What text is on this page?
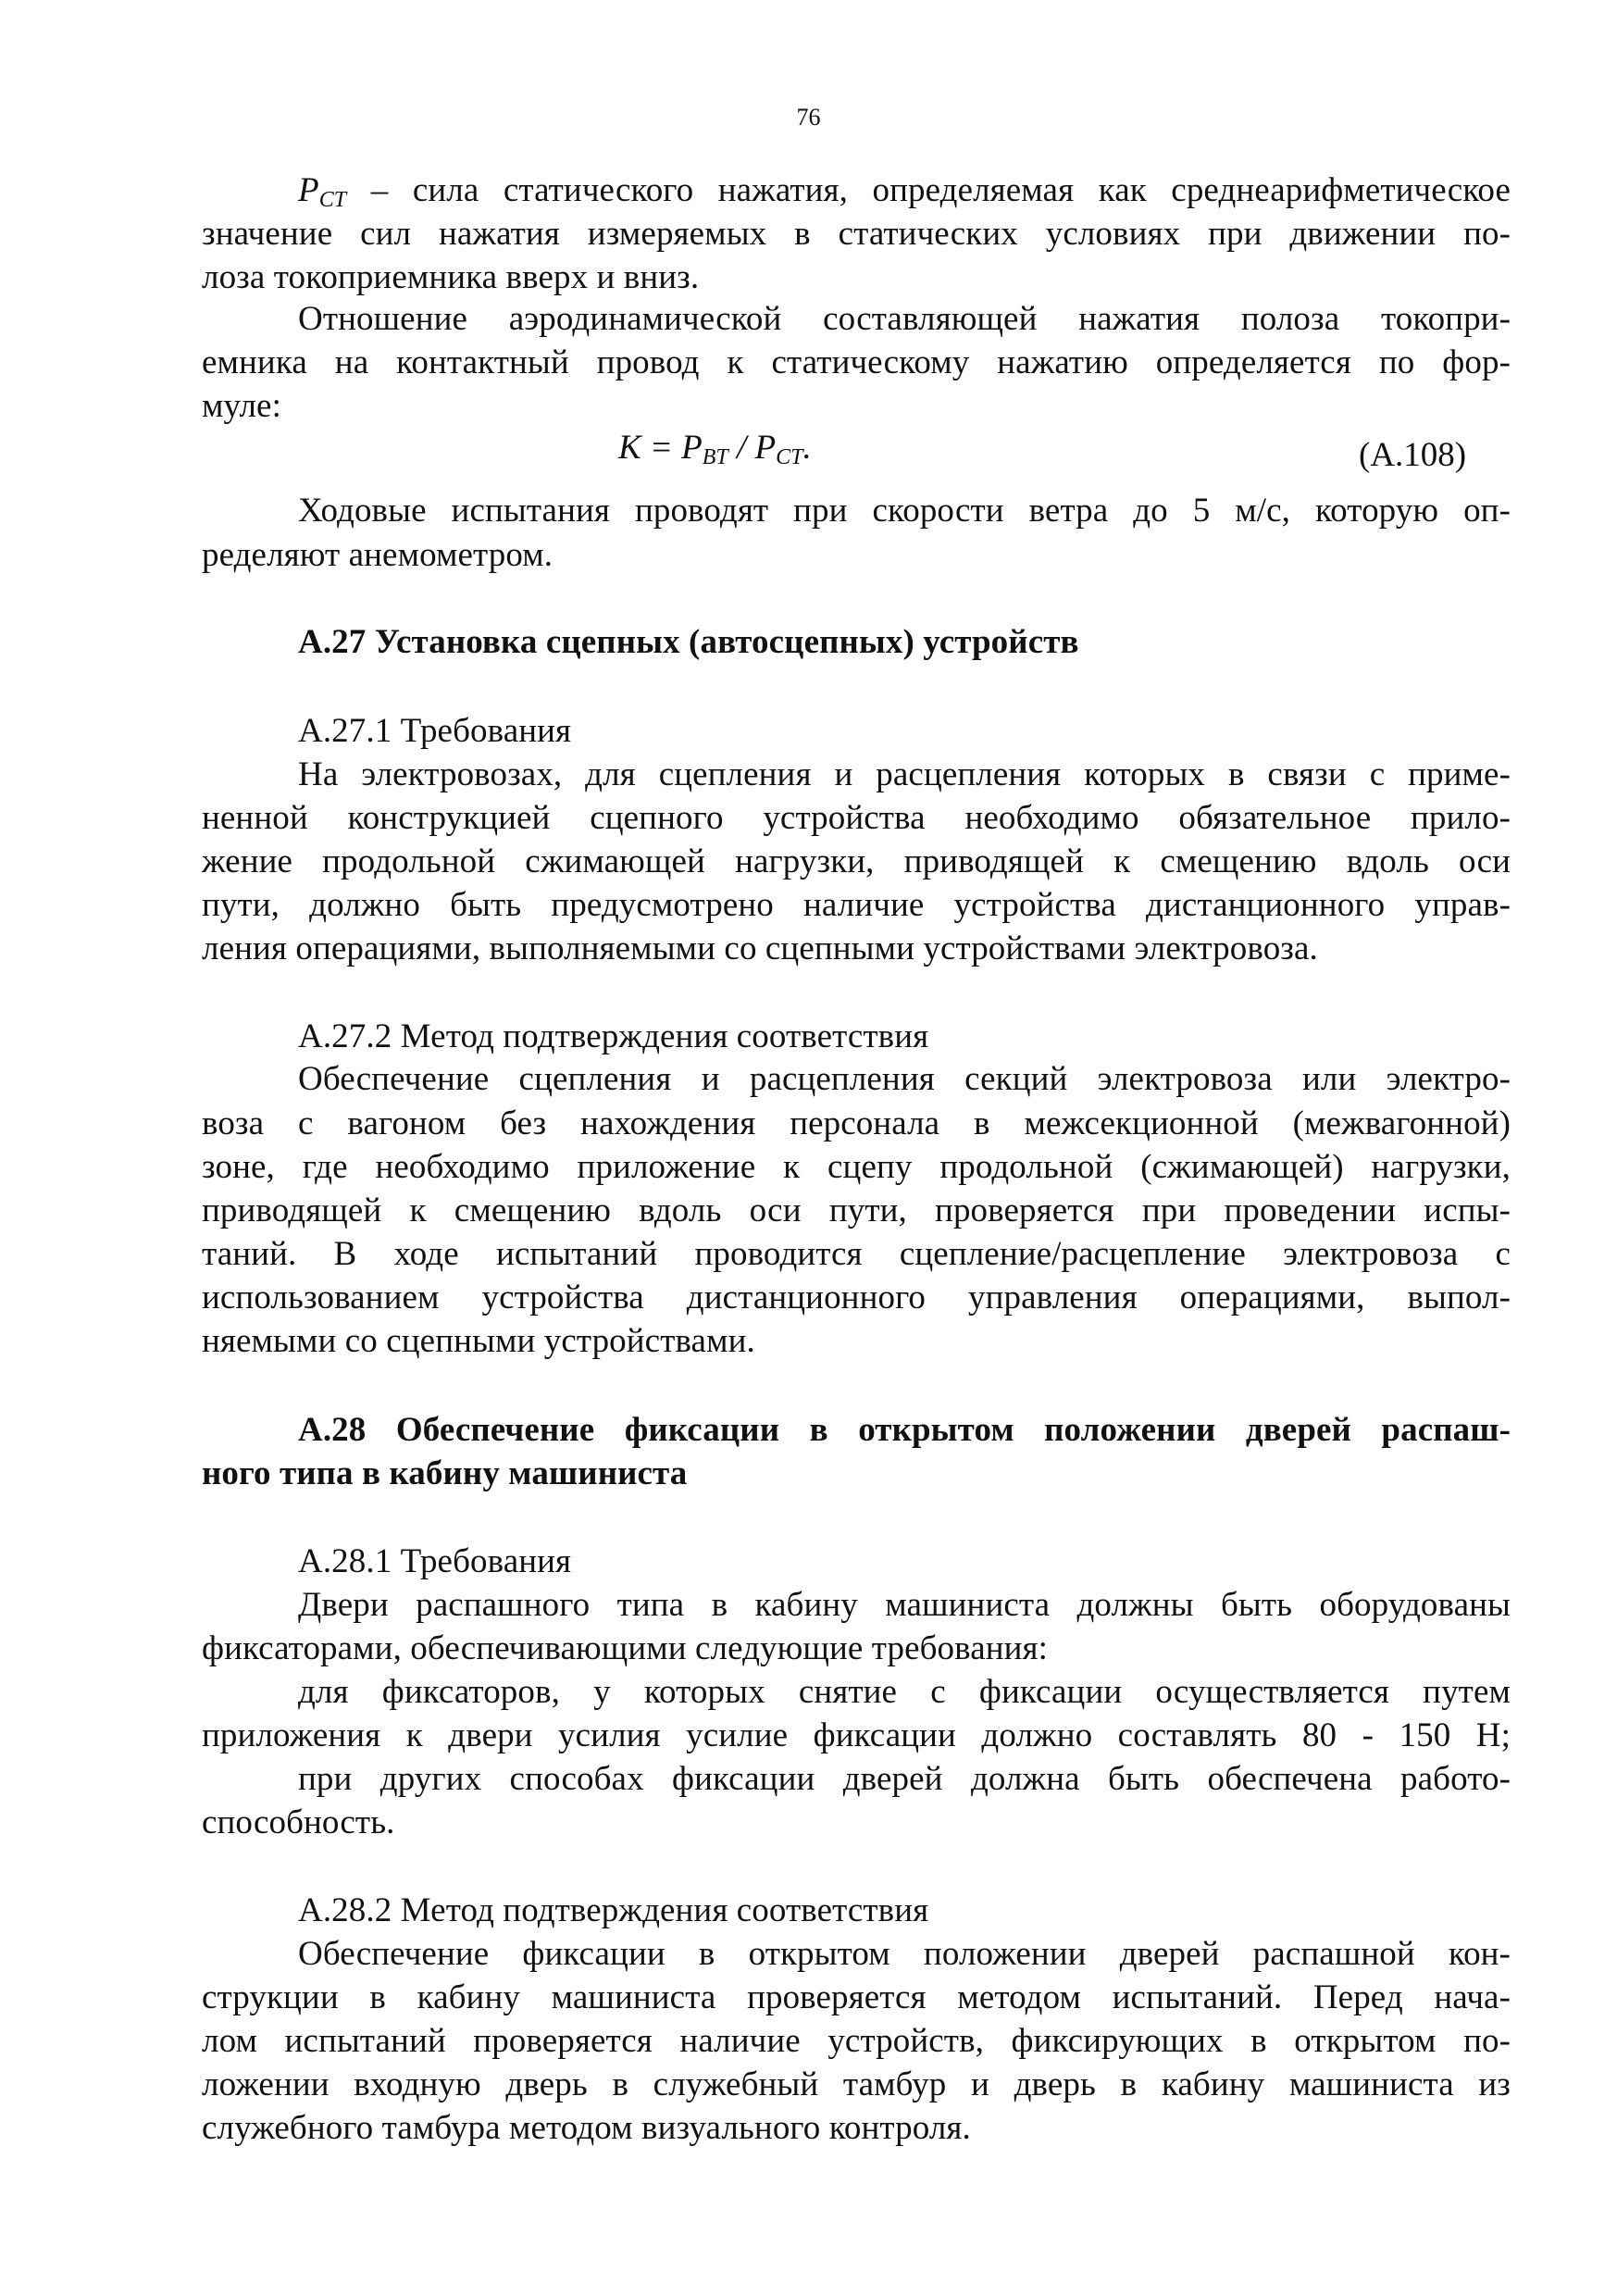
76
$P_{CT}$ – сила статического нажатия, определяемая как среднеарифметическое
значение сил нажатия измеряемых в статических условиях при движении по-
лоза токоприемника вверх и вниз.
Отношение аэродинамической составляющей нажатия полоза токопри-
емника на контактный провод к статическому нажатию определяется по фор-
муле:
$K = P_{BT} / P_{CT}$.	(А.108)
Ходовые испытания проводят при скорости ветра до 5 м/с, которую оп-
ределяют анемометром.
А.27 Установка сцепных (автосцепных) устройств
А.27.1 Требования
На электровозах, для сцепления и расцепления которых в связи с приме-
ненной конструкцией сцепного устройства необходимо обязательное прило-
жение продольной сжимающей нагрузки, приводящей к смещению вдоль оси
пути, должно быть предусмотрено наличие устройства дистанционного управ-
ления операциями, выполняемыми со сцепными устройствами электровоза.
А.27.2 Метод подтверждения соответствия
Обеспечение сцепления и расцепления секций электровоза или электро-
воза с вагоном без нахождения персонала в межсекционной (межвагонной)
зоне, где необходимо приложение к сцепу продольной (сжимающей) нагрузки,
приводящей к смещению вдоль оси пути, проверяется при проведении испы-
таний. В ходе испытаний проводится сцепление/расцепление электровоза с
использованием устройства дистанционного управления операциями, выпол-
няемыми со сцепными устройствами.
А.28 Обеспечение фиксации в открытом положении дверей распаш-
ного типа в кабину машиниста
А.28.1 Требования
Двери распашного типа в кабину машиниста должны быть оборудованы
фиксаторами, обеспечивающими следующие требования:
для фиксаторов, у которых снятие с фиксации осуществляется путем
приложения к двери усилия усилие фиксации должно составлять 80 - 150 Н;
при других способах фиксации дверей должна быть обеспечена работо-
способность.
А.28.2 Метод подтверждения соответствия
Обеспечение фиксации в открытом положении дверей распашной кон-
струкции в кабину машиниста проверяется методом испытаний. Перед нача-
лом испытаний проверяется наличие устройств, фиксирующих в открытом по-
ложении входную дверь в служебный тамбур и дверь в кабину машиниста из
служебного тамбура методом визуального контроля.
